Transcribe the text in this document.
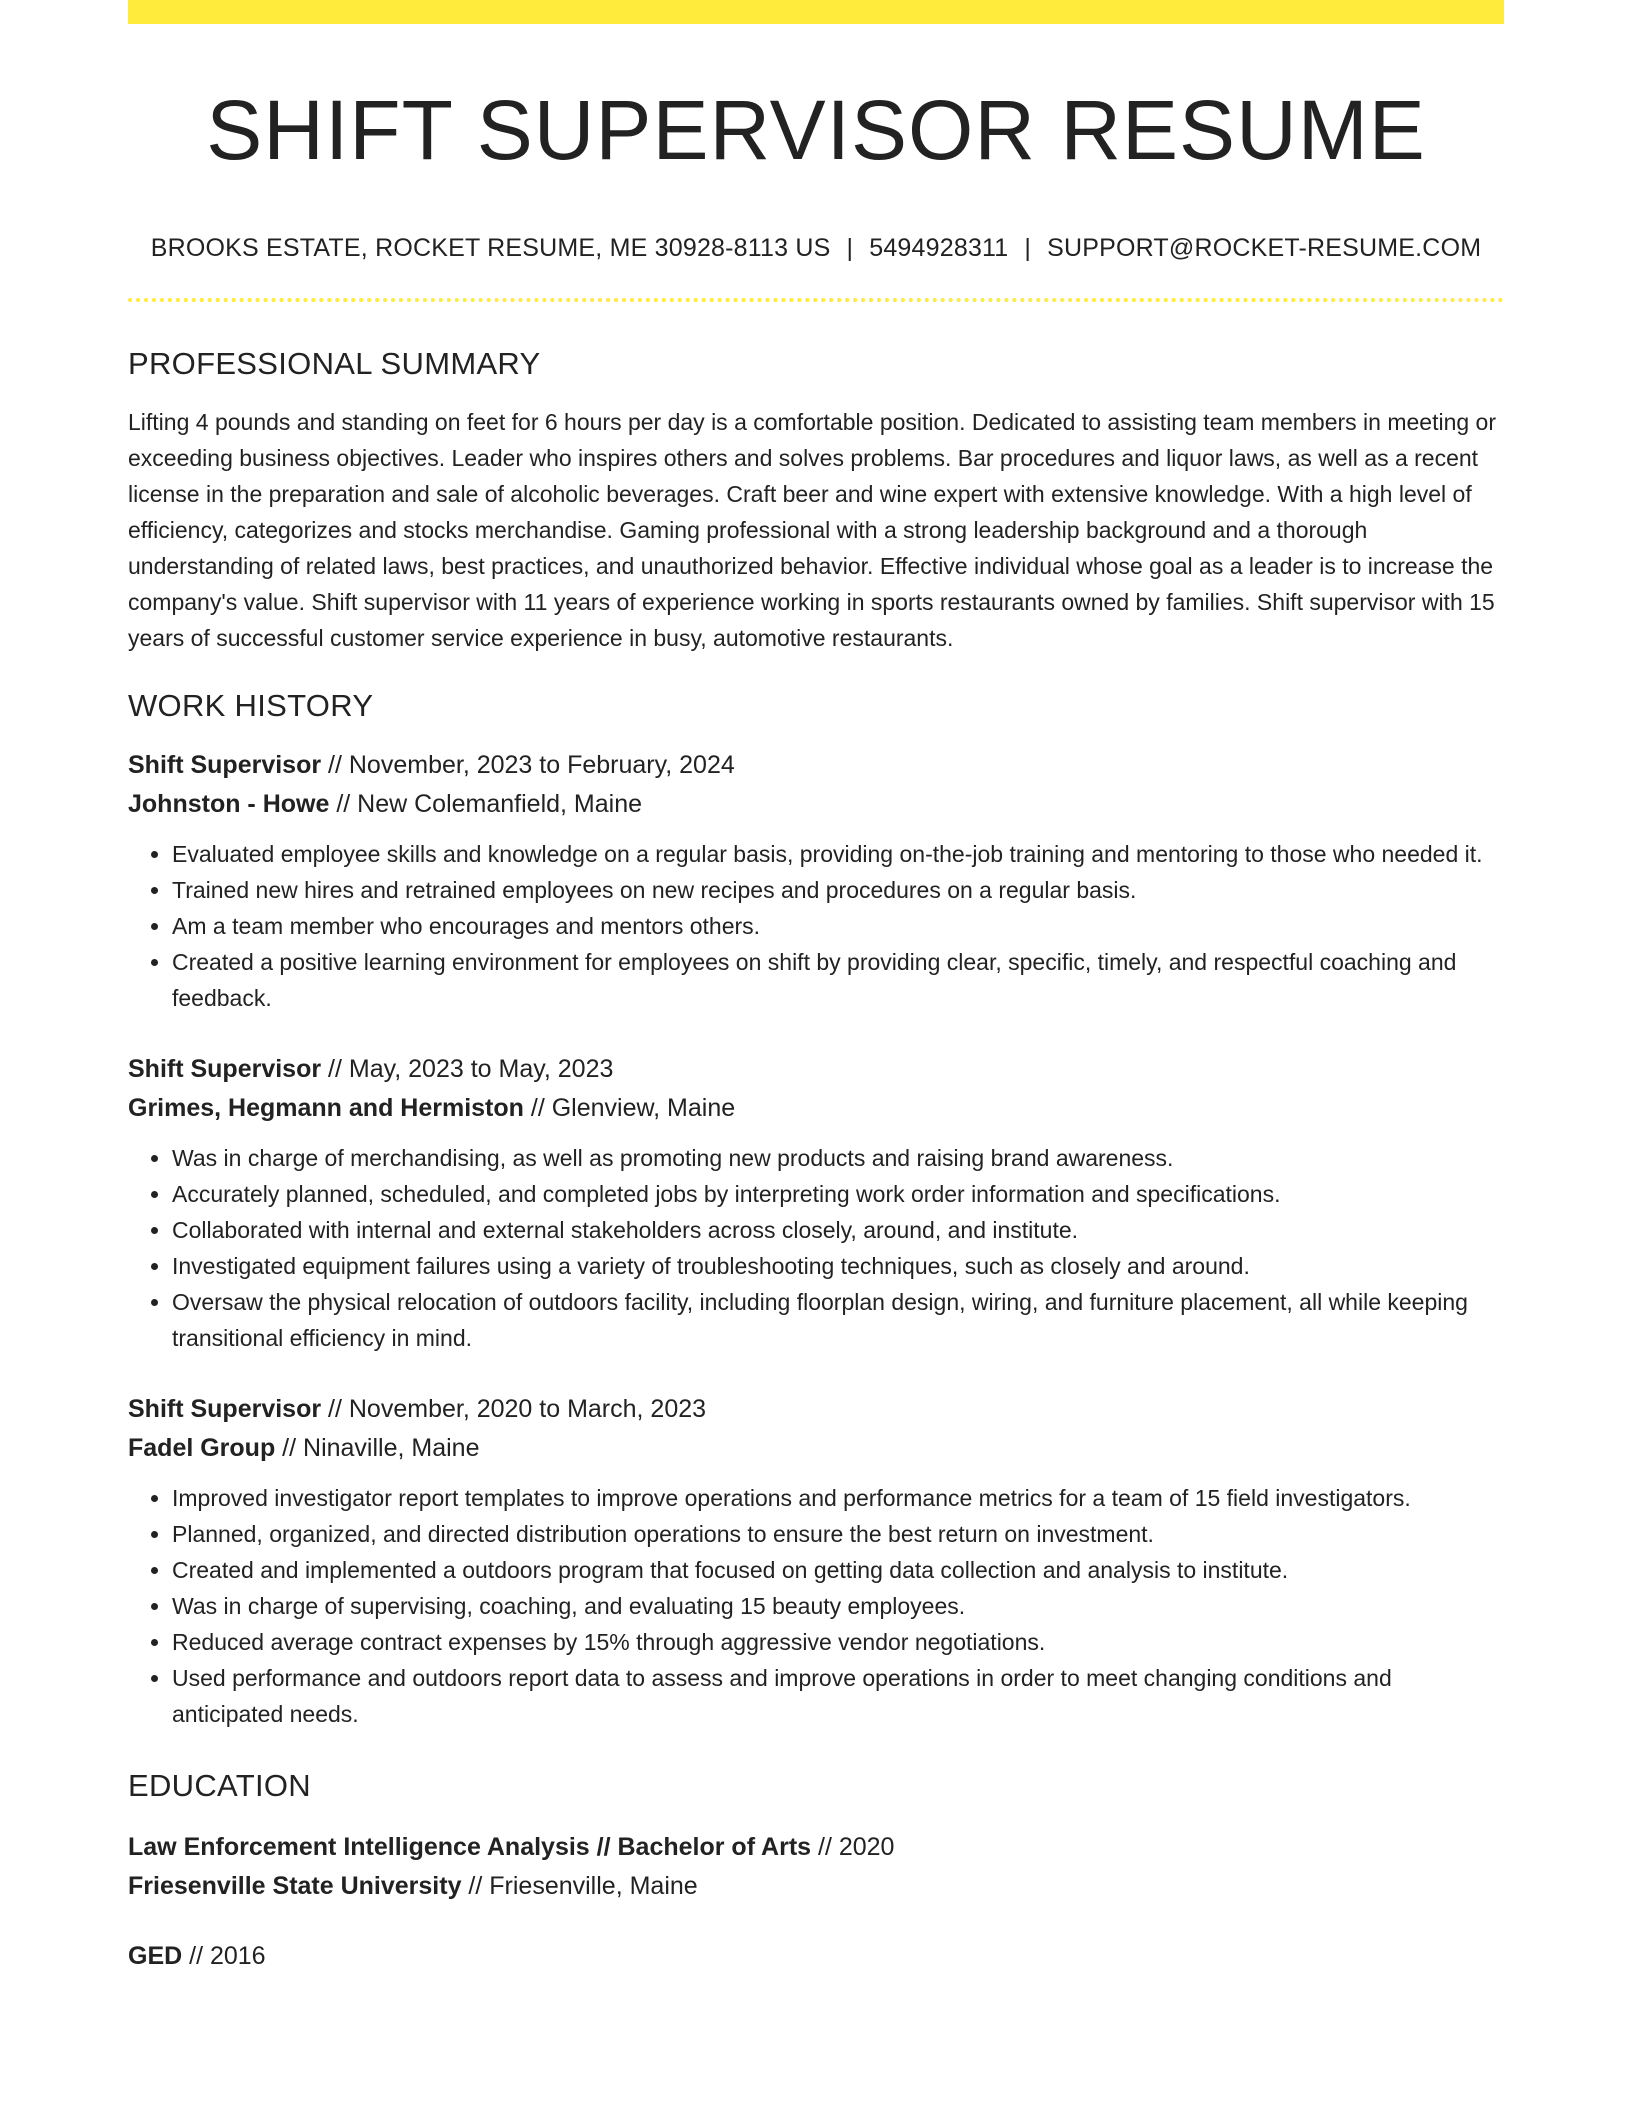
SHIFT SUPERVISOR RESUME
BROOKS ESTATE, ROCKET RESUME, ME 30928-8113 US | 5494928311 | SUPPORT@ROCKET-RESUME.COM
PROFESSIONAL SUMMARY

Lifting 4 pounds and standing on feet for 6 hours per day is a comfortable position. Dedicated to assisting team members in meeting or exceeding business objectives. Leader who inspires others and solves problems. Bar procedures and liquor laws, as well as a recent license in the preparation and sale of alcoholic beverages. Craft beer and wine expert with extensive knowledge. With a high level of efficiency, categorizes and stocks merchandise. Gaming professional with a strong leadership background and a thorough understanding of related laws, best practices, and unauthorized behavior. Effective individual whose goal as a leader is to increase the company's value. Shift supervisor with 11 years of experience working in sports restaurants owned by families. Shift supervisor with 15 years of successful customer service experience in busy, automotive restaurants.

WORK HISTORY
Shift Supervisor // November, 2023 to February, 2024
Johnston - Howe // New Colemanfield, Maine
• Evaluated employee skills and knowledge on a regular basis, providing on-the-job training and mentoring to those who needed it.
• Trained new hires and retrained employees on new recipes and procedures on a regular basis.
• Am a team member who encourages and mentors others.
• Created a positive learning environment for employees on shift by providing clear, specific, timely, and respectful coaching and feedback.
Shift Supervisor // May, 2023 to May, 2023
Grimes, Hegmann and Hermiston // Glenview, Maine
• Was in charge of merchandising, as well as promoting new products and raising brand awareness.
• Accurately planned, scheduled, and completed jobs by interpreting work order information and specifications.
• Collaborated with internal and external stakeholders across closely, around, and institute.
• Investigated equipment failures using a variety of troubleshooting techniques, such as closely and around.
• Oversaw the physical relocation of outdoors facility, including floorplan design, wiring, and furniture placement, all while keeping transitional efficiency in mind.
Shift Supervisor // November, 2020 to March, 2023
Fadel Group // Ninaville, Maine
• Improved investigator report templates to improve operations and performance metrics for a team of 15 field investigators.
• Planned, organized, and directed distribution operations to ensure the best return on investment.
• Created and implemented a outdoors program that focused on getting data collection and analysis to institute.
• Was in charge of supervising, coaching, and evaluating 15 beauty employees.
• Reduced average contract expenses by 15% through aggressive vendor negotiations.
• Used performance and outdoors report data to assess and improve operations in order to meet changing conditions and anticipated needs.
EDUCATION
Law Enforcement Intelligence Analysis // Bachelor of Arts // 2020
Friesenville State University // Friesenville, Maine
GED // 2016
